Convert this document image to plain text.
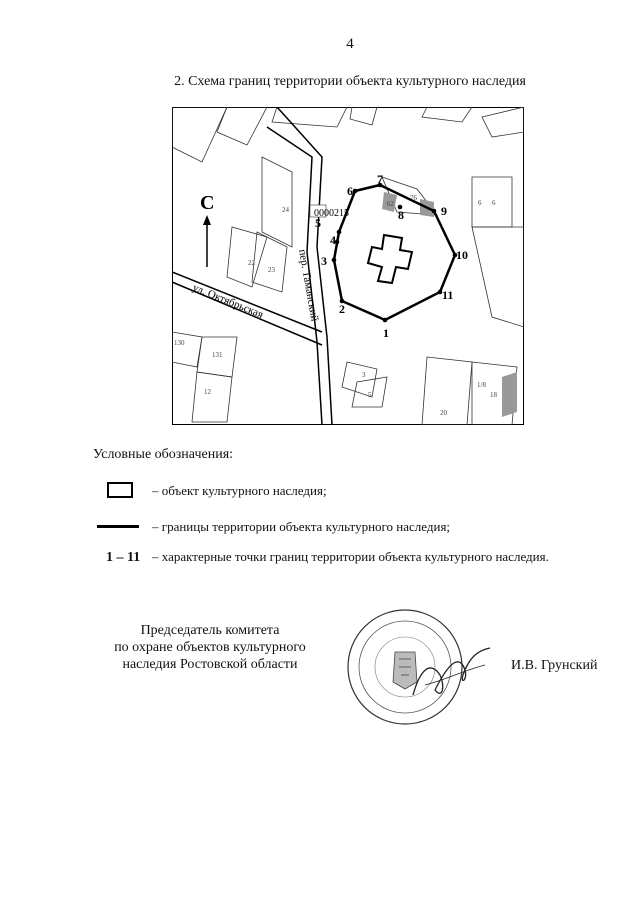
4
2. Схема границ территории объекта культурного наследия
С
1
2
3
4
5
6
7
8	9
10
11
0000215
ул. Октябрьская	пер. Таманский
24
22
23
76
62	6 6
130
131
12
3
5
20
18
1/8
Условные обозначения:
– объект культурного наследия;
– границы территории объекта культурного наследия;
1 – 11 – характерные точки границ территории объекта культурного наследия.
Председатель комитета
по охране объектов культурного
наследия Ростовской области	И.В. Грунский
